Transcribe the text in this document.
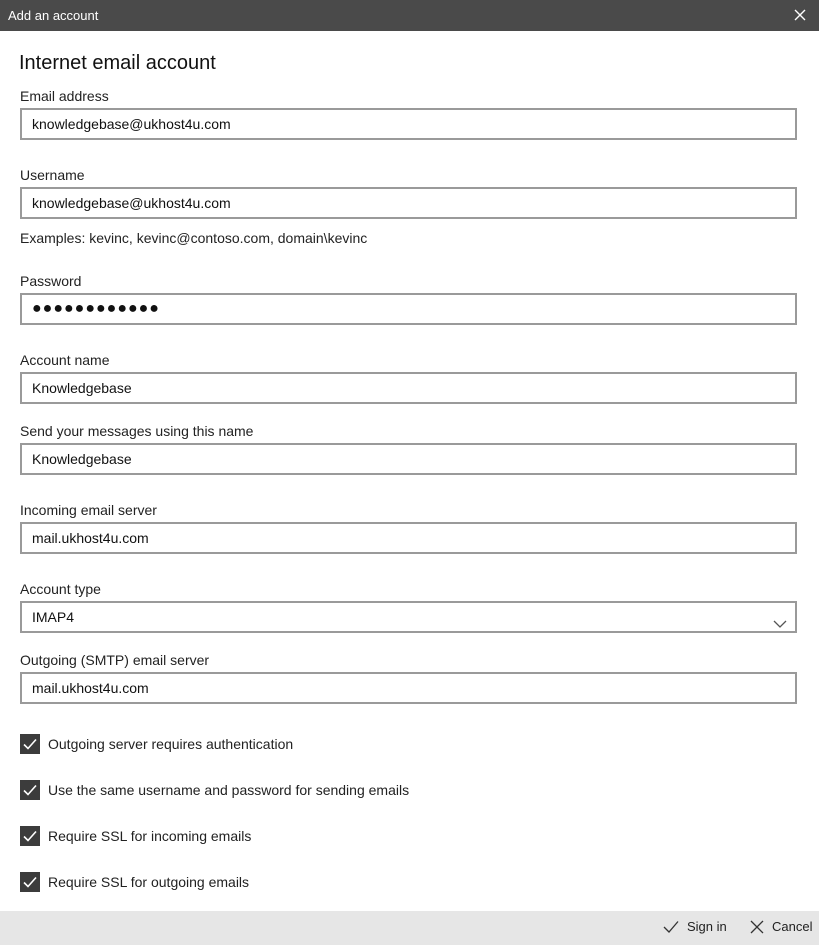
Add an account
Internet email account
Email address
knowledgebase@ukhost4u.com
Username
knowledgebase@ukhost4u.com
Examples: kevinc, kevinc@contoso.com, domain\kevinc
Password
●●●●●●●●●●●●
Account name
Knowledgebase
Send your messages using this name
Knowledgebase
Incoming email server
mail.ukhost4u.com
Account type
IMAP4
Outgoing (SMTP) email server
mail.ukhost4u.com
Outgoing server requires authentication
Use the same username and password for sending emails
Require SSL for incoming emails
Require SSL for outgoing emails
Sign in	Cancel
